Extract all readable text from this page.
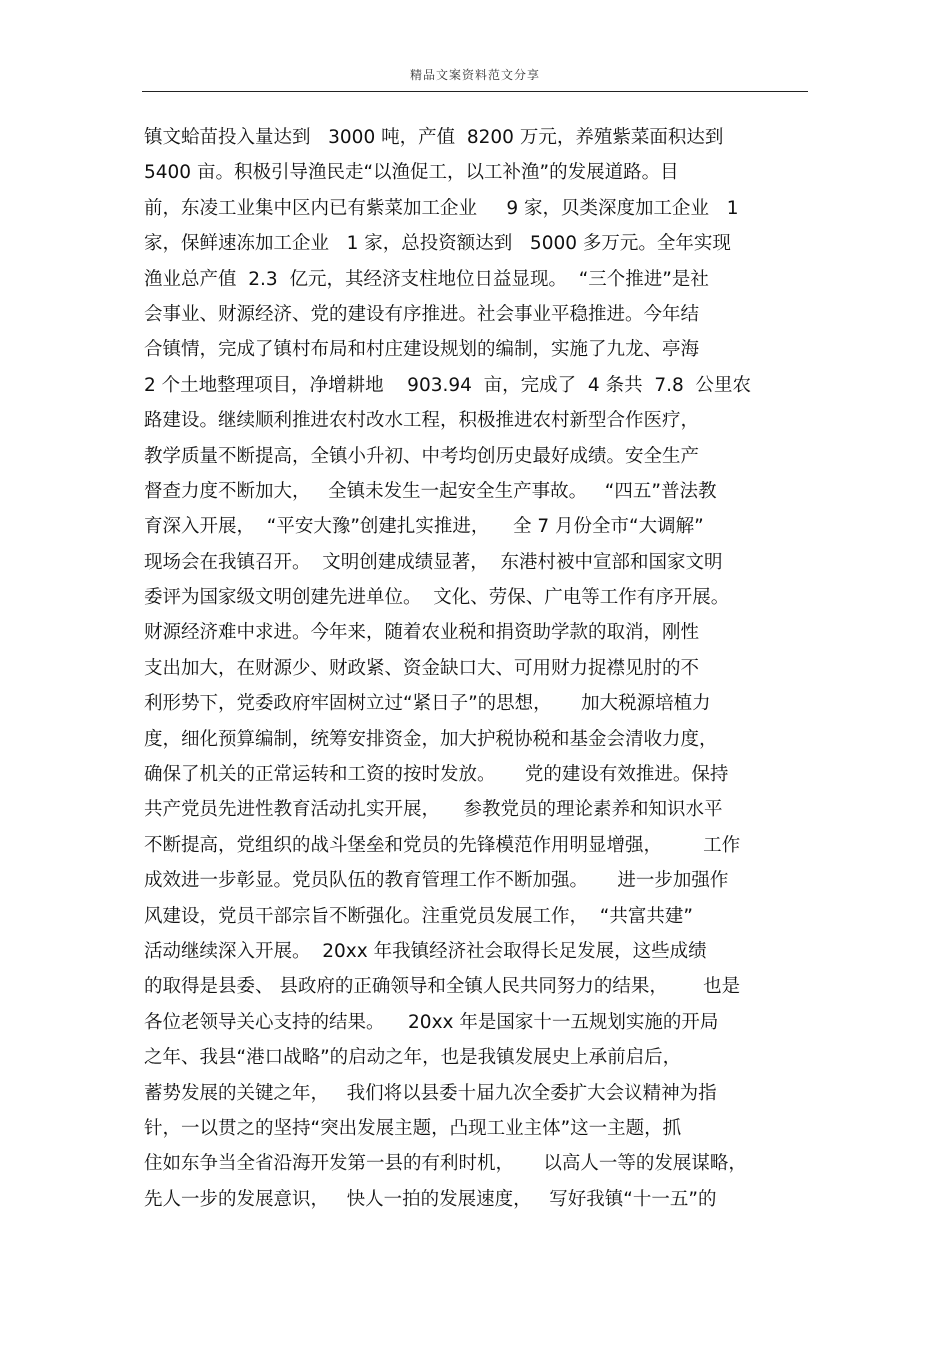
精品文案资料范文分享
镇文蛤苗投入量达到   3000 吨，产值  8200 万元，养殖紫菜面积达到
5400 亩。积极引导渔民走“以渔促工，以工补渔”的发展道路。目
前，东凌工业集中区内已有紫菜加工企业     9 家，贝类深度加工企业   1
家，保鲜速冻加工企业   1 家，总投资额达到   5000 多万元。全年实现
渔业总产值  2.3  亿元，其经济支柱地位日益显现。  “三个推进”是社
会事业、财源经济、党的建设有序推进。社会事业平稳推进。今年结
合镇情，完成了镇村布局和村庄建设规划的编制，实施了九龙、亭海
2 个土地整理项目，净增耕地    903.94  亩，完成了  4 条共  7.8  公里农
路建设。继续顺利推进农村改水工程，积极推进农村新型合作医疗，
教学质量不断提高，全镇小升初、中考均创历史最好成绩。安全生产
督查力度不断加大，   全镇未发生一起安全生产事故。   “四五”普法教
育深入开展，  “平安大豫”创建扎实推进，    全 7 月份全市“大调解”
现场会在我镇召开。  文明创建成绩显著，  东港村被中宣部和国家文明
委评为国家级文明创建先进单位。  文化、劳保、广电等工作有序开展。
财源经济难中求进。今年来，随着农业税和捐资助学款的取消，刚性
支出加大，在财源少、财政紧、资金缺口大、可用财力捉襟见肘的不
利形势下，党委政府牢固树立过“紧日子”的思想，     加大税源培植力
度，细化预算编制，统筹安排资金，加大护税协税和基金会清收力度，
确保了机关的正常运转和工资的按时发放。     党的建设有效推进。保持
共产党员先进性教育活动扎实开展，    参教党员的理论素养和知识水平
不断提高，党组织的战斗堡垒和党员的先锋模范作用明显增强，       工作
成效进一步彰显。党员队伍的教育管理工作不断加强。     进一步加强作
风建设，党员干部宗旨不断强化。注重党员发展工作，  “共富共建”
活动继续深入开展。  20xx 年我镇经济社会取得长足发展，这些成绩
的取得是县委、 县政府的正确领导和全镇人民共同努力的结果，      也是
各位老领导关心支持的结果。    20xx 年是国家十一五规划实施的开局
之年、我县“港口战略”的启动之年，也是我镇发展史上承前启后，
蓄势发展的关键之年，   我们将以县委十届九次全委扩大会议精神为指
针，一以贯之的坚持“突出发展主题，凸现工业主体”这一主题，抓
住如东争当全省沿海开发第一县的有利时机，     以高人一等的发展谋略，
先人一步的发展意识，   快人一拍的发展速度，   写好我镇“十一五”的
